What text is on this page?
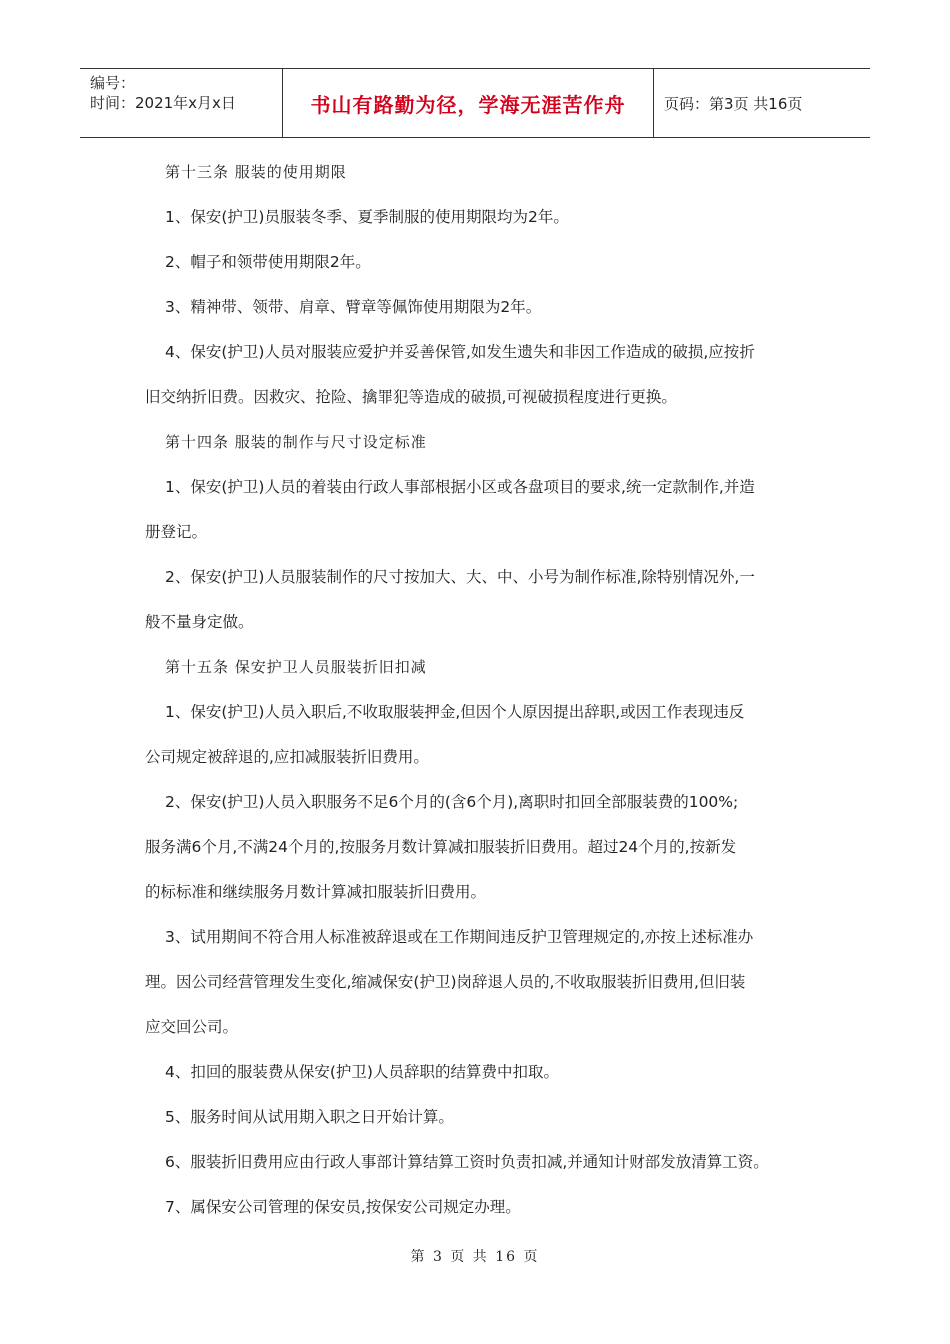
编号：
时间：2021年x月x日	书山有路勤为径，学海无涯苦作舟	页码：第3页 共16页
第十三条 服装的使用期限
1、保安(护卫)员服装冬季、夏季制服的使用期限均为2年。
2、帽子和领带使用期限2年。
3、精神带、领带、肩章、臂章等佩饰使用期限为2年。
4、保安(护卫)人员对服装应爱护并妥善保管,如发生遗失和非因工作造成的破损,应按折
旧交纳折旧费。因救灾、抢险、擒罪犯等造成的破损,可视破损程度进行更换。
第十四条 服装的制作与尺寸设定标准
1、保安(护卫)人员的着装由行政人事部根据小区或各盘项目的要求,统一定款制作,并造
册登记。
2、保安(护卫)人员服装制作的尺寸按加大、大、中、小号为制作标准,除特别情况外,一
般不量身定做。
第十五条 保安护卫人员服装折旧扣减
1、保安(护卫)人员入职后,不收取服装押金,但因个人原因提出辞职,或因工作表现违反
公司规定被辞退的,应扣减服装折旧费用。
2、保安(护卫)人员入职服务不足6个月的(含6个月),离职时扣回全部服装费的100%;
服务满6个月,不满24个月的,按服务月数计算减扣服装折旧费用。超过24个月的,按新发
的标标准和继续服务月数计算减扣服装折旧费用。
3、试用期间不符合用人标准被辞退或在工作期间违反护卫管理规定的,亦按上述标准办
理。因公司经营管理发生变化,缩减保安(护卫)岗辞退人员的,不收取服装折旧费用,但旧装
应交回公司。
4、扣回的服装费从保安(护卫)人员辞职的结算费中扣取。
5、服务时间从试用期入职之日开始计算。
6、服装折旧费用应由行政人事部计算结算工资时负责扣减,并通知计财部发放清算工资。
7、属保安公司管理的保安员,按保安公司规定办理。
第 3 页 共 16 页
